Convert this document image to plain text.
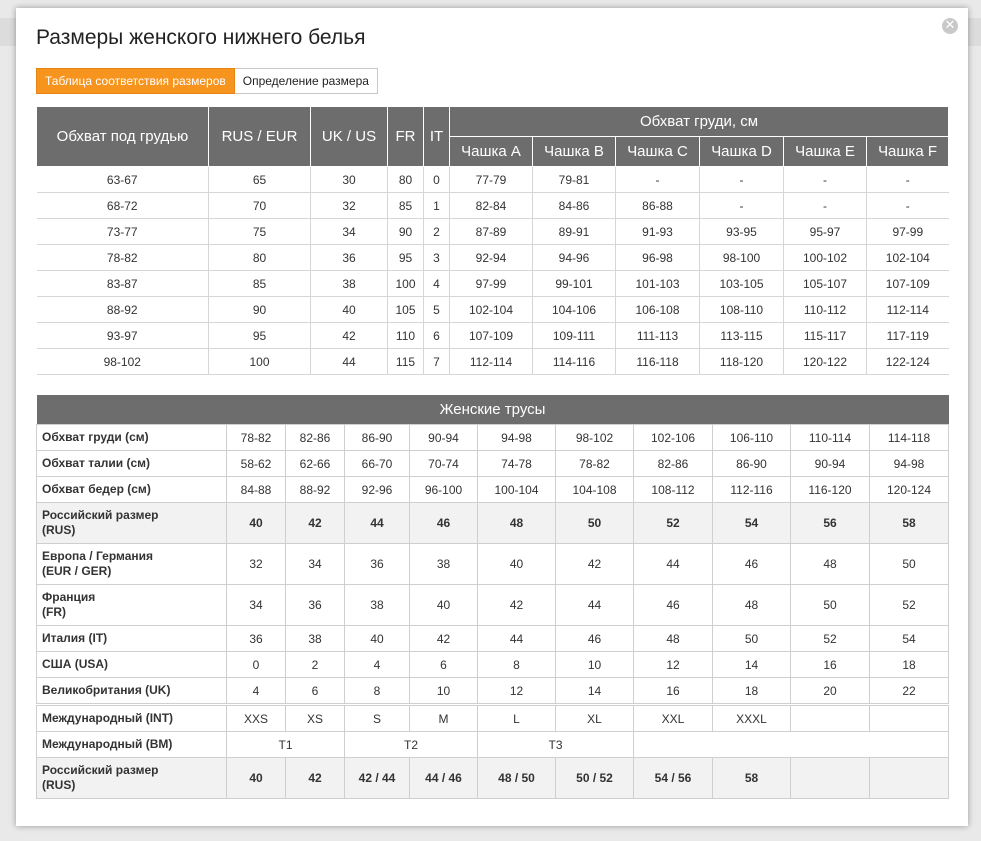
✕
Размеры женского нижнего белья
Таблица соответствия размеров	Определение размера
Обхват под грудью	RUS / EUR	UK / US	FR	IT	Обхват груди, см					
					Чашка A	Чашка B	Чашка C	Чашка D	Чашка E	Чашка F
63-67	65	30	80	0	77-79	79-81	-	-	-	-
68-72	70	32	85	1	82-84	84-86	86-88	-	-	-
73-77	75	34	90	2	87-89	89-91	91-93	93-95	95-97	97-99
78-82	80	36	95	3	92-94	94-96	96-98	98-100	100-102	102-104
83-87	85	38	100	4	97-99	99-101	101-103	103-105	105-107	107-109
88-92	90	40	105	5	102-104	104-106	106-108	108-110	110-112	112-114
93-97	95	42	110	6	107-109	109-111	111-113	113-115	115-117	117-119
98-102	100	44	115	7	112-114	114-116	116-118	118-120	120-122	122-124
Женские трусы										
Обхват груди (см)	78-82	82-86	86-90	90-94	94-98	98-102	102-106	106-110	110-114	114-118
Обхват талии (см)	58-62	62-66	66-70	70-74	74-78	78-82	82-86	86-90	90-94	94-98
Обхват бедер (см)	84-88	88-92	92-96	96-100	100-104	104-108	108-112	112-116	116-120	120-124
Российский размер
(RUS)	40	42	44	46	48	50	52	54	56	58
Европа / Германия
(EUR / GER)	32	34	36	38	40	42	44	46	48	50
Франция
(FR)	34	36	38	40	42	44	46	48	50	52
Италия (IT)	36	38	40	42	44	46	48	50	52	54
США (USA)	0	2	4	6	8	10	12	14	16	18
Великобритания (UK)	4	6	8	10	12	14	16	18	20	22
Международный (INT)	XXS	XS	S	M	L	XL	XXL	XXXL		
Международный (BM)	T1		T2		T3					
Российский размер
(RUS)	40	42	42 / 44	44 / 46	48 / 50	50 / 52	54 / 56	58		
